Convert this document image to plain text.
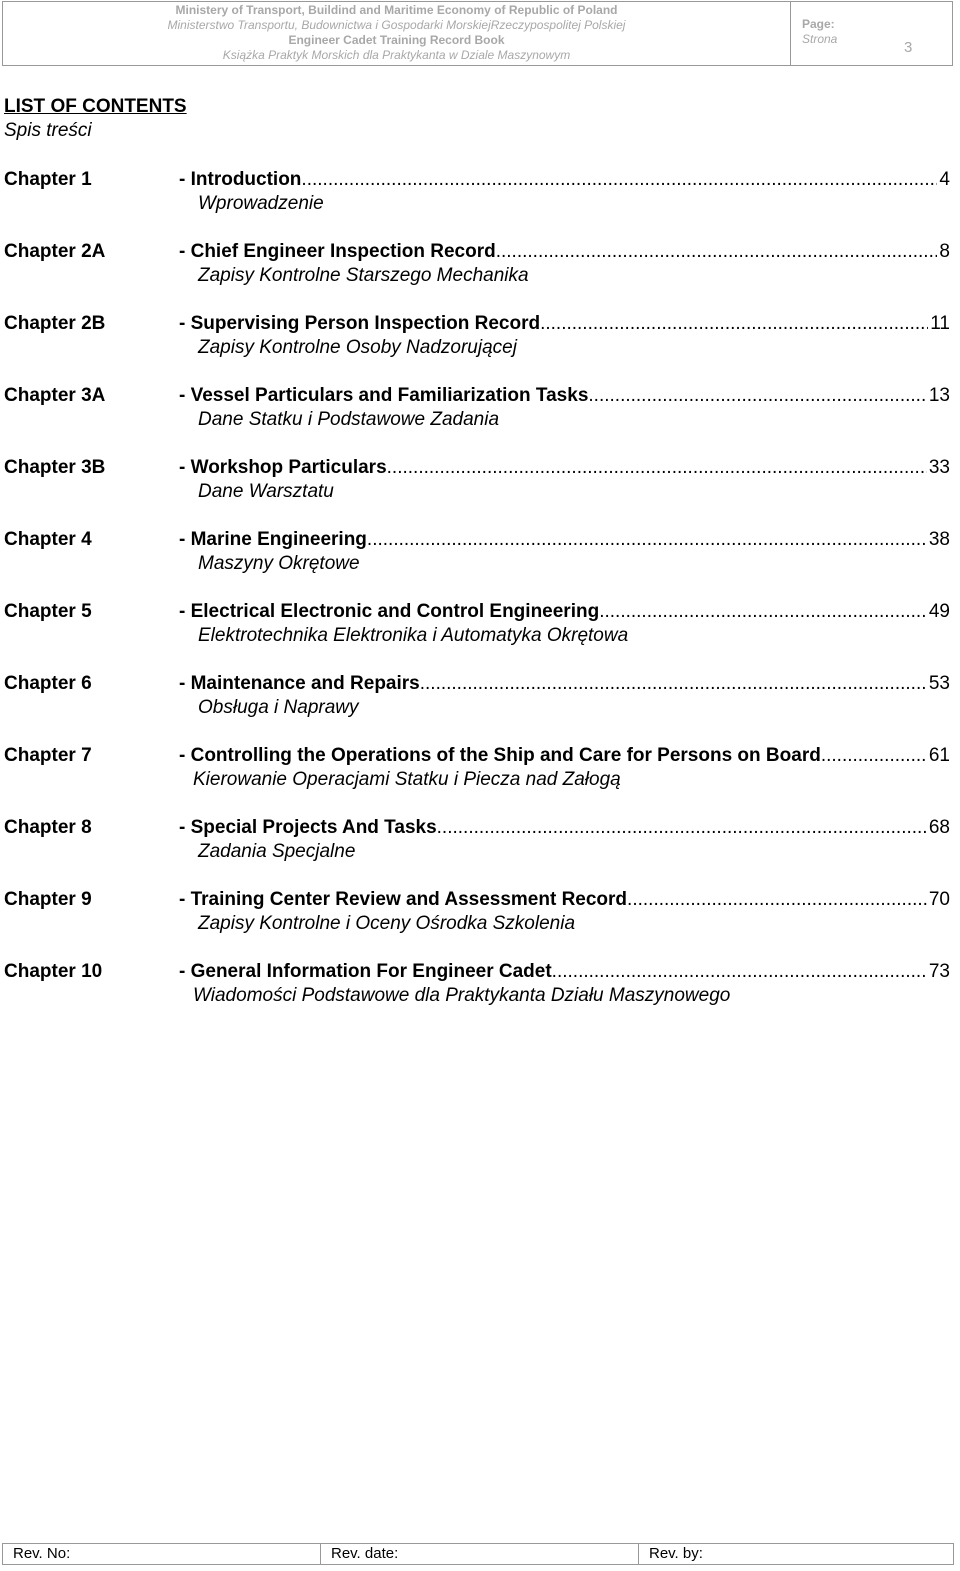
Ministery of Transport, Buildind and Maritime Economy of Republic of Poland
Ministerstwo Transportu, Budownictwa i Gospodarki MorskiejRzeczypospolitej Polskiej
Engineer Cadet Training Record Book
Książka Praktyk Morskich dla Praktykanta w Dziale Maszynowym
Page:
Strona	3
LIST OF CONTENTS
Spis treści
Chapter 1	- Introduction .....	4
Wprowadzenie
Chapter 2A	- Chief Engineer Inspection Record .....	8
Zapisy Kontrolne Starszego Mechanika
Chapter 2B	- Supervising Person Inspection Record .....	11
Zapisy Kontrolne Osoby Nadzorującej
Chapter 3A	- Vessel Particulars and Familiarization Tasks .....	13
Dane Statku i Podstawowe Zadania
Chapter 3B	- Workshop Particulars .....	33
Dane Warsztatu
Chapter 4	- Marine Engineering .....	38
Maszyny Okrętowe
Chapter 5	- Electrical Electronic and Control Engineering .....	49
Elektrotechnika Elektronika i Automatyka Okrętowa
Chapter 6	- Maintenance and Repairs .....	53
Obsługa i Naprawy
Chapter 7	- Controlling the Operations of the Ship and Care for Persons on Board .....	61
Kierowanie Operacjami Statku i Piecza nad Załogą
Chapter 8	- Special Projects And Tasks .....	68
Zadania Specjalne
Chapter 9	- Training Center Review and Assessment Record .....	70
Zapisy Kontrolne i Oceny Ośrodka Szkolenia
Chapter 10	- General Information For Engineer Cadet .....	73
Wiadomości Podstawowe dla Praktykanta Działu Maszynowego
Rev. No:	Rev. date:	Rev. by:
